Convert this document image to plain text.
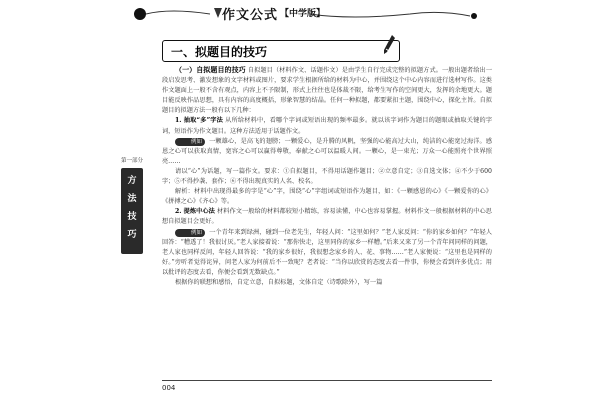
作文公式 【中学版】
一、拟题目的技巧

（一）自拟题目的技巧 自拟题目（材料作文、话题作文）是由学生自行完成完整的拟题方式。一般出题者给出一段启发思考、激发想象的文字材料或图片，要求学生根据所给的材料为中心，并围绕这个中心内容而进行选材写作。这类作文题面上一般不含有观点，内容上不予限制，形式上往往也是体裁不限，给考生写作的空间更大，发挥的余地更大。题目能反映作品思想，具有内容的高度概括，形象智慧的结晶。任何一种拟题，都要紧扣主题，围绕中心，探化主旨。自拟题目的拟题方法一般有以下几种：

1. 抽取“多”字法 从所给材料中，看哪个字词或短语出现的频率最多。就以该字词作为题目的题眼或抽取关键的字词，短语作为作文题目。这种方法适用于话题作文。

例如 一颗雄心，是高飞的翅膀；一颗爱心，是升腾的风帆，坚强的心能高过大山，纯洁的心能宽过海洋。感恩之心可以获取真情，宽容之心可以赢得尊敬，奉献之心可以温暖人间。一颗心，是一束光；万众一心能照亮个世界照亮……

请以“心”为话题，写一篇作文。要求：①自拟题目，不得用话题作题目；②立意自定；③自选文体；④不少于600字；⑤不得抄袭、套作；⑥不得出现真实的人名、校名。

解析：材料中出现得最多的字是“心”字，围绕“心”字组词或短语作为题目，如：《一颗感恩的心》《一颗爱你的心》《拼搏之心》《齐心》等。

2. 提炼中心法 材料作文一般给的材料都较短小精练，容易读懂，中心也容易掌握。材料作文一般根据材料的中心思想自拟题目会更好。

例如 一个青年来到绿洲，碰到一位老先生，年轻人问：“这里如何？”老人家反问：“你的家乡如何？”年轻人回答：“糟透了！我很讨厌。”老人家接着说：“那你快走，这里同你的家乡一样糟。”后来又来了另一个青年问同样的问题，老人家也同样反问，年轻人回答说：“我的家乡很好，我很想念家乡的人、花、事物……”老人家便说：“这里也是同样的好。”旁听者觉得诧异，问老人家为何前后不一致呢？老者说：“当你以欣赏的态度去看一件事，你便会看到许多优点；用以批评的态度去看，你便会看到无数缺点。”

根据你的联想和感悟，自定立意，自拟标题，文体自定（诗歌除外），写一篇

004
第一部分
方
法
技
巧
